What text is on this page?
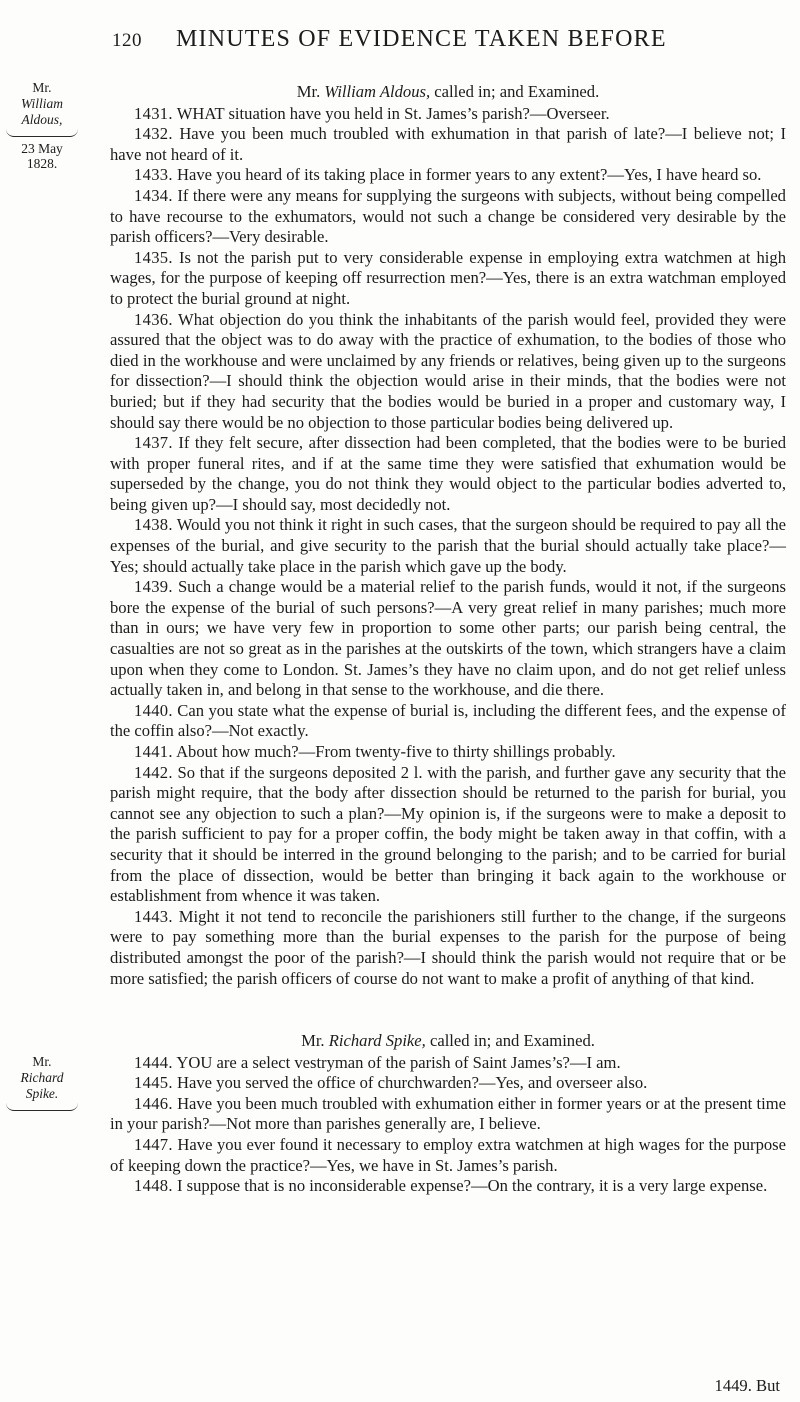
120 MINUTES OF EVIDENCE TAKEN BEFORE
Mr.
William Aldous,
23 May
1828.
Mr.
Richard Spike.

Mr. William Aldous, called in; and Examined.

1431. WHAT situation have you held in St. James’s parish?—Overseer.

1432. Have you been much troubled with exhumation in that parish of late?—I believe not; I have not heard of it.

1433. Have you heard of its taking place in former years to any extent?—Yes, I have heard so.

1434. If there were any means for supplying the surgeons with subjects, without being compelled to have recourse to the exhumators, would not such a change be considered very desirable by the parish officers?—Very desirable.

1435. Is not the parish put to very considerable expense in employing extra watchmen at high wages, for the purpose of keeping off resurrection men?—Yes, there is an extra watchman employed to protect the burial ground at night.

1436. What objection do you think the inhabitants of the parish would feel, provided they were assured that the object was to do away with the practice of exhumation, to the bodies of those who died in the workhouse and were unclaimed by any friends or relatives, being given up to the surgeons for dissection?—I should think the objection would arise in their minds, that the bodies were not buried; but if they had security that the bodies would be buried in a proper and customary way, I should say there would be no objection to those particular bodies being delivered up.

1437. If they felt secure, after dissection had been completed, that the bodies were to be buried with proper funeral rites, and if at the same time they were satisfied that exhumation would be superseded by the change, you do not think they would object to the particular bodies adverted to, being given up?—I should say, most decidedly not.

1438. Would you not think it right in such cases, that the surgeon should be required to pay all the expenses of the burial, and give security to the parish that the burial should actually take place?—Yes; should actually take place in the parish which gave up the body.

1439. Such a change would be a material relief to the parish funds, would it not, if the surgeons bore the expense of the burial of such persons?—A very great relief in many parishes; much more than in ours; we have very few in proportion to some other parts; our parish being central, the casualties are not so great as in the parishes at the outskirts of the town, which strangers have a claim upon when they come to London. St. James’s they have no claim upon, and do not get relief unless actually taken in, and belong in that sense to the workhouse, and die there.

1440. Can you state what the expense of burial is, including the different fees, and the expense of the coffin also?—Not exactly.

1441. About how much?—From twenty-five to thirty shillings probably.

1442. So that if the surgeons deposited 2 l. with the parish, and further gave any security that the parish might require, that the body after dissection should be returned to the parish for burial, you cannot see any objection to such a plan?—My opinion is, if the surgeons were to make a deposit to the parish sufficient to pay for a proper coffin, the body might be taken away in that coffin, with a security that it should be interred in the ground belonging to the parish; and to be carried for burial from the place of dissection, would be better than bringing it back again to the workhouse or establishment from whence it was taken.

1443. Might it not tend to reconcile the parishioners still further to the change, if the surgeons were to pay something more than the burial expenses to the parish for the purpose of being distributed amongst the poor of the parish?—I should think the parish would not require that or be more satisfied; the parish officers of course do not want to make a profit of anything of that kind.

Mr. Richard Spike, called in; and Examined.

1444. YOU are a select vestryman of the parish of Saint James’s?—I am.

1445. Have you served the office of churchwarden?—Yes, and overseer also.

1446. Have you been much troubled with exhumation either in former years or at the present time in your parish?—Not more than parishes generally are, I believe.

1447. Have you ever found it necessary to employ extra watchmen at high wages for the purpose of keeping down the practice?—Yes, we have in St. James’s parish.

1448. I suppose that is no inconsiderable expense?—On the contrary, it is a very large expense.

1449. But
